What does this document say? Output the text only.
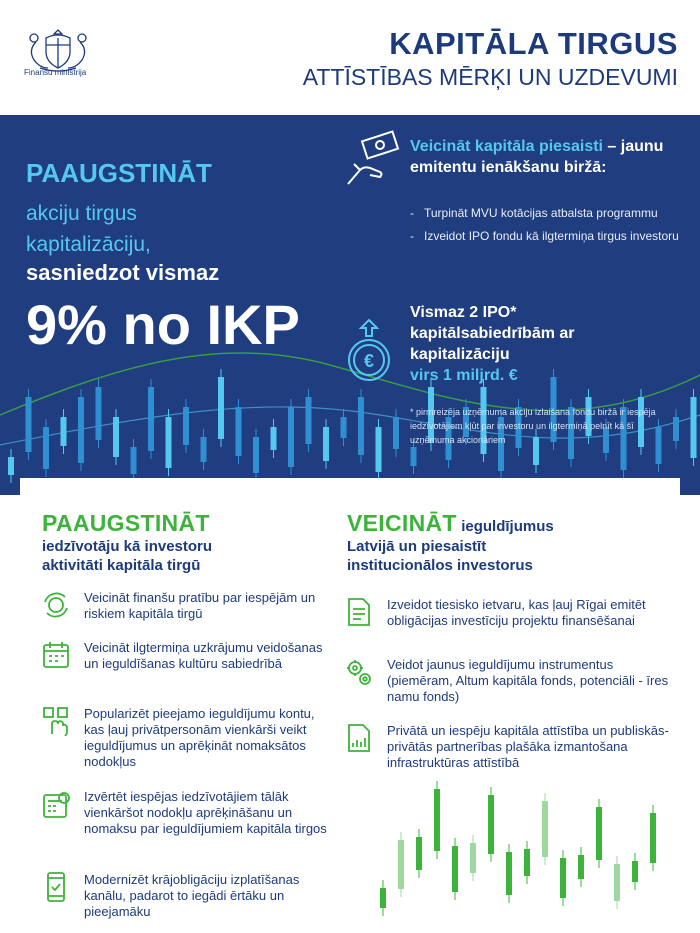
Finanšu ministrija
KAPITĀLA TIRGUS
ATTĪSTĪBAS MĒRĶI UN UZDEVUMI
PAAUGSTINĀT
akciju tirgus
kapitalizāciju,
sasniedzot vismaz
9% no IKP
Veicināt kapitāla piesaisti – jaunu emitentu ienākšanu biržā:
- Turpināt MVU kotācijas atbalsta programmu
- Izveidot IPO fondu kā ilgtermiņa tirgus investoru
€
Vismaz 2 IPO*
kapitālsabiedrībām ar
kapitalizāciju
virs 1 miljrd. €
* pirmreizēja uzņēmuma akciju izlaišana fondu biržā ir iespēja iedzīvotājiem kļūt par investoru un ilgtermiņā pelnīt kā šī uzņēmuma akcionāriem
PAAUGSTINĀT
iedzīvotāju kā investoru
aktivitāti kapitāla tirgū
VEICINĀT ieguldījumus
Latvijā un piesaistīt
institucionālos investorus
Veicināt finanšu pratību par iespējām un riskiem kapitāla tirgū
Veicināt ilgtermiņa uzkrājumu veidošanas un ieguldīšanas kultūru sabiedrībā
Popularizēt pieejamo ieguldījumu kontu, kas ļauj privātpersonām vienkārši veikt ieguldījumus un aprēķināt nomaksātos nodokļus
Izvērtēt iespējas iedzīvotājiem tālāk vienkāršot nodokļu aprēķināšanu un nomaksu par ieguldījumiem kapitāla tirgos
Modernizēt krājobligāciju izplatīšanas kanālu, padarot to iegādi ērtāku un pieejamāku
Izveidot tiesisko ietvaru, kas ļauj Rīgai emitēt obligācijas investīciju projektu finansēšanai
Veidot jaunus ieguldījumu instrumentus (piemēram, Altum kapitāla fonds, potenciāli - īres namu fonds)
Privātā un iespēju kapitāla attīstība un publiskās-privātās partnerības plašāka izmantošana infrastruktūras attīstībā
